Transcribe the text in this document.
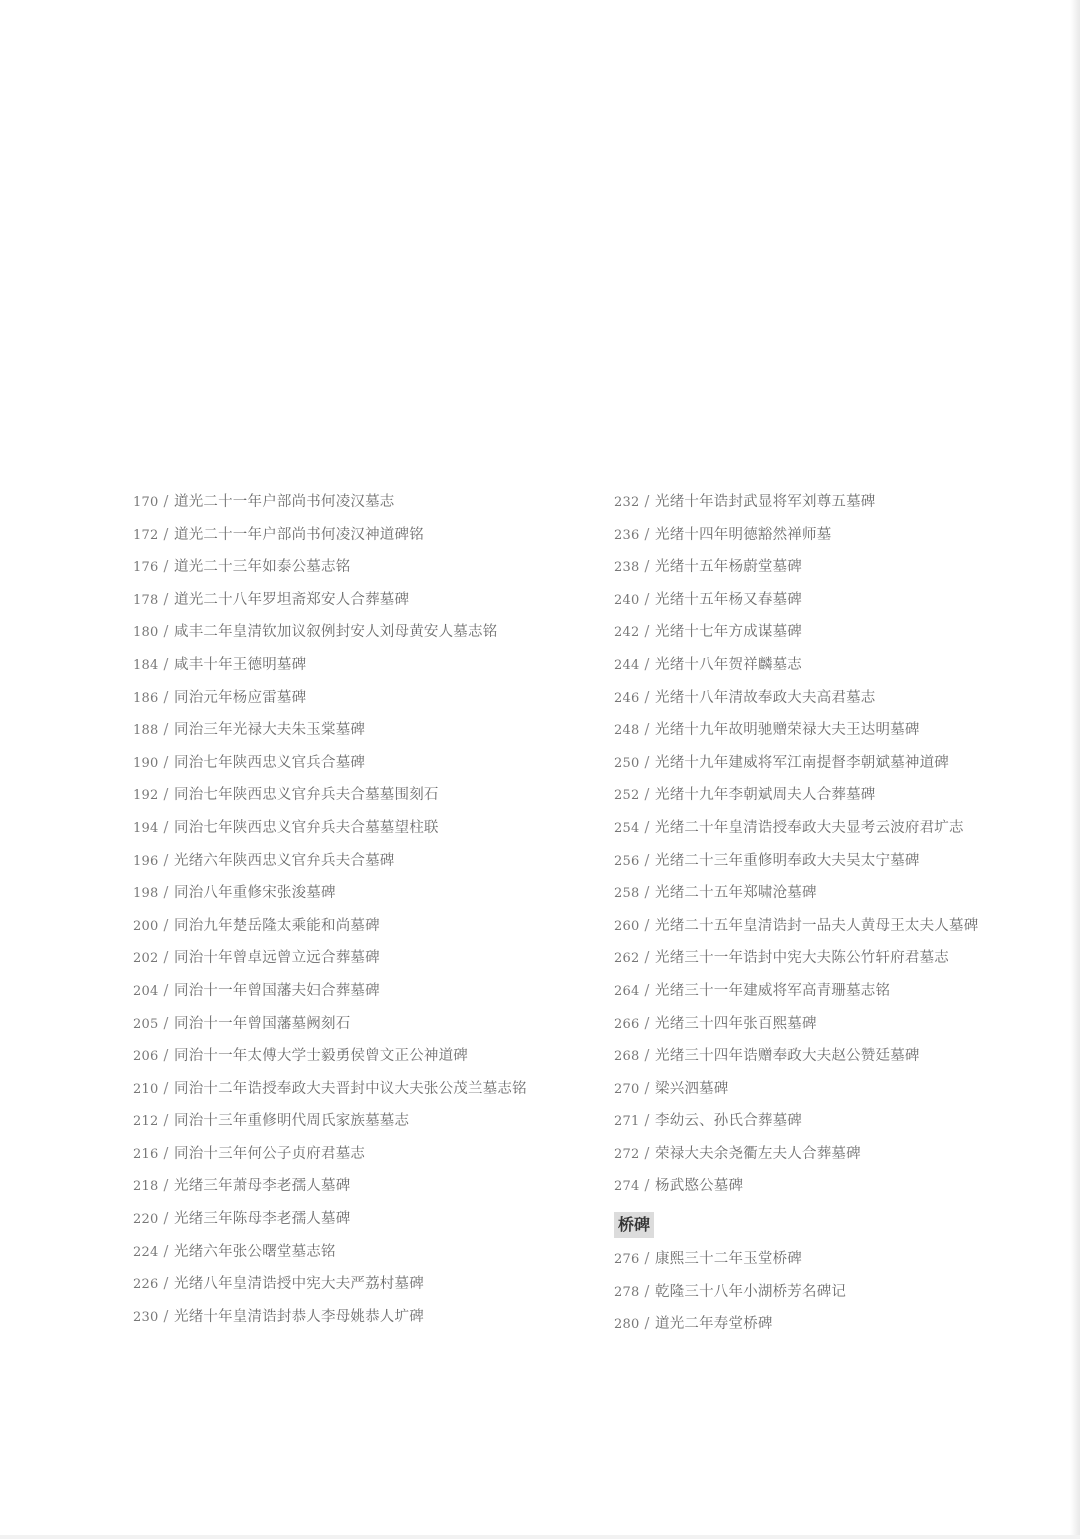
170 / 道光二十一年户部尚书何凌汉墓志
172 / 道光二十一年户部尚书何凌汉神道碑铭
176 / 道光二十三年如泰公墓志铭
178 / 道光二十八年罗坦斋郑安人合葬墓碑
180 / 咸丰二年皇清钦加议叙例封安人刘母黄安人墓志铭
184 / 咸丰十年王德明墓碑
186 / 同治元年杨应雷墓碑
188 / 同治三年光禄大夫朱玉棠墓碑
190 / 同治七年陕西忠义官兵合墓碑
192 / 同治七年陕西忠义官弁兵夫合墓墓围刻石
194 / 同治七年陕西忠义官弁兵夫合墓墓望柱联
196 / 光绪六年陕西忠义官弁兵夫合墓碑
198 / 同治八年重修宋张浚墓碑
200 / 同治九年楚岳隆太乘能和尚墓碑
202 / 同治十年曾卓远曾立远合葬墓碑
204 / 同治十一年曾国藩夫妇合葬墓碑
205 / 同治十一年曾国藩墓阙刻石
206 / 同治十一年太傅大学士毅勇侯曾文正公神道碑
210 / 同治十二年诰授奉政大夫晋封中议大夫张公茂兰墓志铭
212 / 同治十三年重修明代周氏家族墓墓志
216 / 同治十三年何公子贞府君墓志
218 / 光绪三年萧母李老孺人墓碑
220 / 光绪三年陈母李老孺人墓碑
224 / 光绪六年张公曙堂墓志铭
226 / 光绪八年皇清诰授中宪大夫严荔村墓碑
230 / 光绪十年皇清诰封恭人李母姚恭人圹碑
232 / 光绪十年诰封武显将军刘尊五墓碑
236 / 光绪十四年明德豁然禅师墓
238 / 光绪十五年杨蔚堂墓碑
240 / 光绪十五年杨又春墓碑
242 / 光绪十七年方成谋墓碑
244 / 光绪十八年贺祥麟墓志
246 / 光绪十八年清故奉政大夫高君墓志
248 / 光绪十九年故明驰赠荣禄大夫王达明墓碑
250 / 光绪十九年建威将军江南提督李朝斌墓神道碑
252 / 光绪十九年李朝斌周夫人合葬墓碑
254 / 光绪二十年皇清诰授奉政大夫显考云波府君圹志
256 / 光绪二十三年重修明奉政大夫吴太宁墓碑
258 / 光绪二十五年郑啸沧墓碑
260 / 光绪二十五年皇清诰封一品夫人黄母王太夫人墓碑
262 / 光绪三十一年诰封中宪大夫陈公竹轩府君墓志
264 / 光绪三十一年建威将军高青珊墓志铭
266 / 光绪三十四年张百熙墓碑
268 / 光绪三十四年诰赠奉政大夫赵公赞廷墓碑
270 / 梁兴泗墓碑
271 / 李幼云、孙氏合葬墓碑
272 / 荣禄大夫余尧衢左夫人合葬墓碑
274 / 杨武愍公墓碑
桥碑
276 / 康熙三十二年玉堂桥碑
278 / 乾隆三十八年小湖桥芳名碑记
280 / 道光二年寿堂桥碑
